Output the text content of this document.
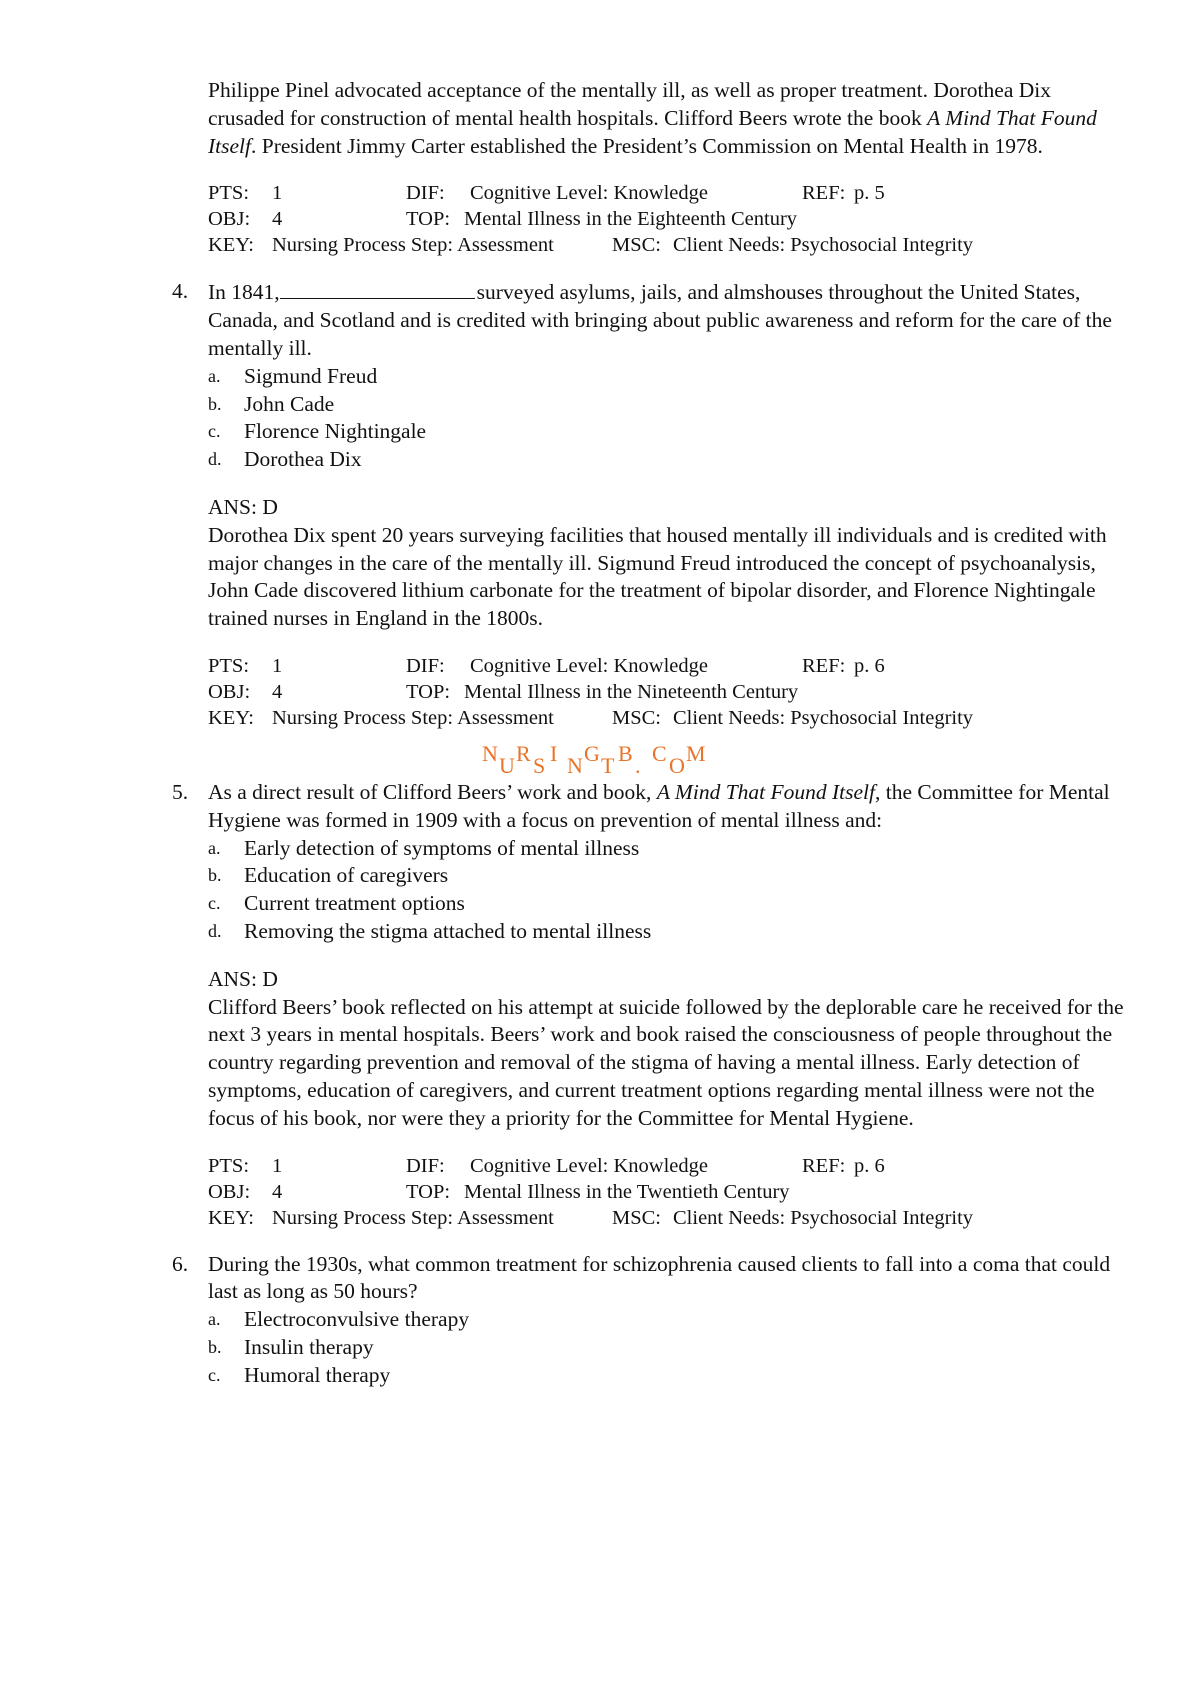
Philippe Pinel advocated acceptance of the mentally ill, as well as proper treatment. Dorothea Dix crusaded for construction of mental health hospitals. Clifford Beers wrote the book A Mind That Found Itself. President Jimmy Carter established the President’s Commission on Mental Health in 1978.
PTS: 1	DIF: Cognitive Level: Knowledge	REF: p. 5
OBJ: 4	TOP: Mental Illness in the Eighteenth Century
KEY: Nursing Process Step: Assessment	MSC: Client Needs: Psychosocial Integrity
4. In 1841,	surveyed asylums, jails, and almshouses throughout the United States, Canada, and Scotland and is credited with bringing about public awareness and reform for the care of the mentally ill.
a. Sigmund Freud
b. John Cade
c. Florence Nightingale
d. Dorothea Dix
ANS: D
Dorothea Dix spent 20 years surveying facilities that housed mentally ill individuals and is credited with major changes in the care of the mentally ill. Sigmund Freud introduced the concept of psychoanalysis, John Cade discovered lithium carbonate for the treatment of bipolar disorder, and Florence Nightingale trained nurses in England in the 1800s.
PTS: 1	DIF: Cognitive Level: Knowledge	REF: p. 6
OBJ: 4	TOP: Mental Illness in the Nineteenth Century
KEY: Nursing Process Step: Assessment	MSC: Client Needs: Psychosocial Integrity
N U R S I N G T B . C O M
5. As a direct result of Clifford Beers’ work and book, A Mind That Found Itself, the Committee for Mental Hygiene was formed in 1909 with a focus on prevention of mental illness and:
a. Early detection of symptoms of mental illness
b. Education of caregivers
c. Current treatment options
d. Removing the stigma attached to mental illness
ANS: D
Clifford Beers’ book reflected on his attempt at suicide followed by the deplorable care he received for the next 3 years in mental hospitals. Beers’ work and book raised the consciousness of people throughout the country regarding prevention and removal of the stigma of having a mental illness. Early detection of symptoms, education of caregivers, and current treatment options regarding mental illness were not the focus of his book, nor were they a priority for the Committee for Mental Hygiene.
PTS: 1	DIF: Cognitive Level: Knowledge	REF: p. 6
OBJ: 4	TOP: Mental Illness in the Twentieth Century
KEY: Nursing Process Step: Assessment	MSC: Client Needs: Psychosocial Integrity
6. During the 1930s, what common treatment for schizophrenia caused clients to fall into a coma that could last as long as 50 hours?
a. Electroconvulsive therapy
b. Insulin therapy
c. Humoral therapy
